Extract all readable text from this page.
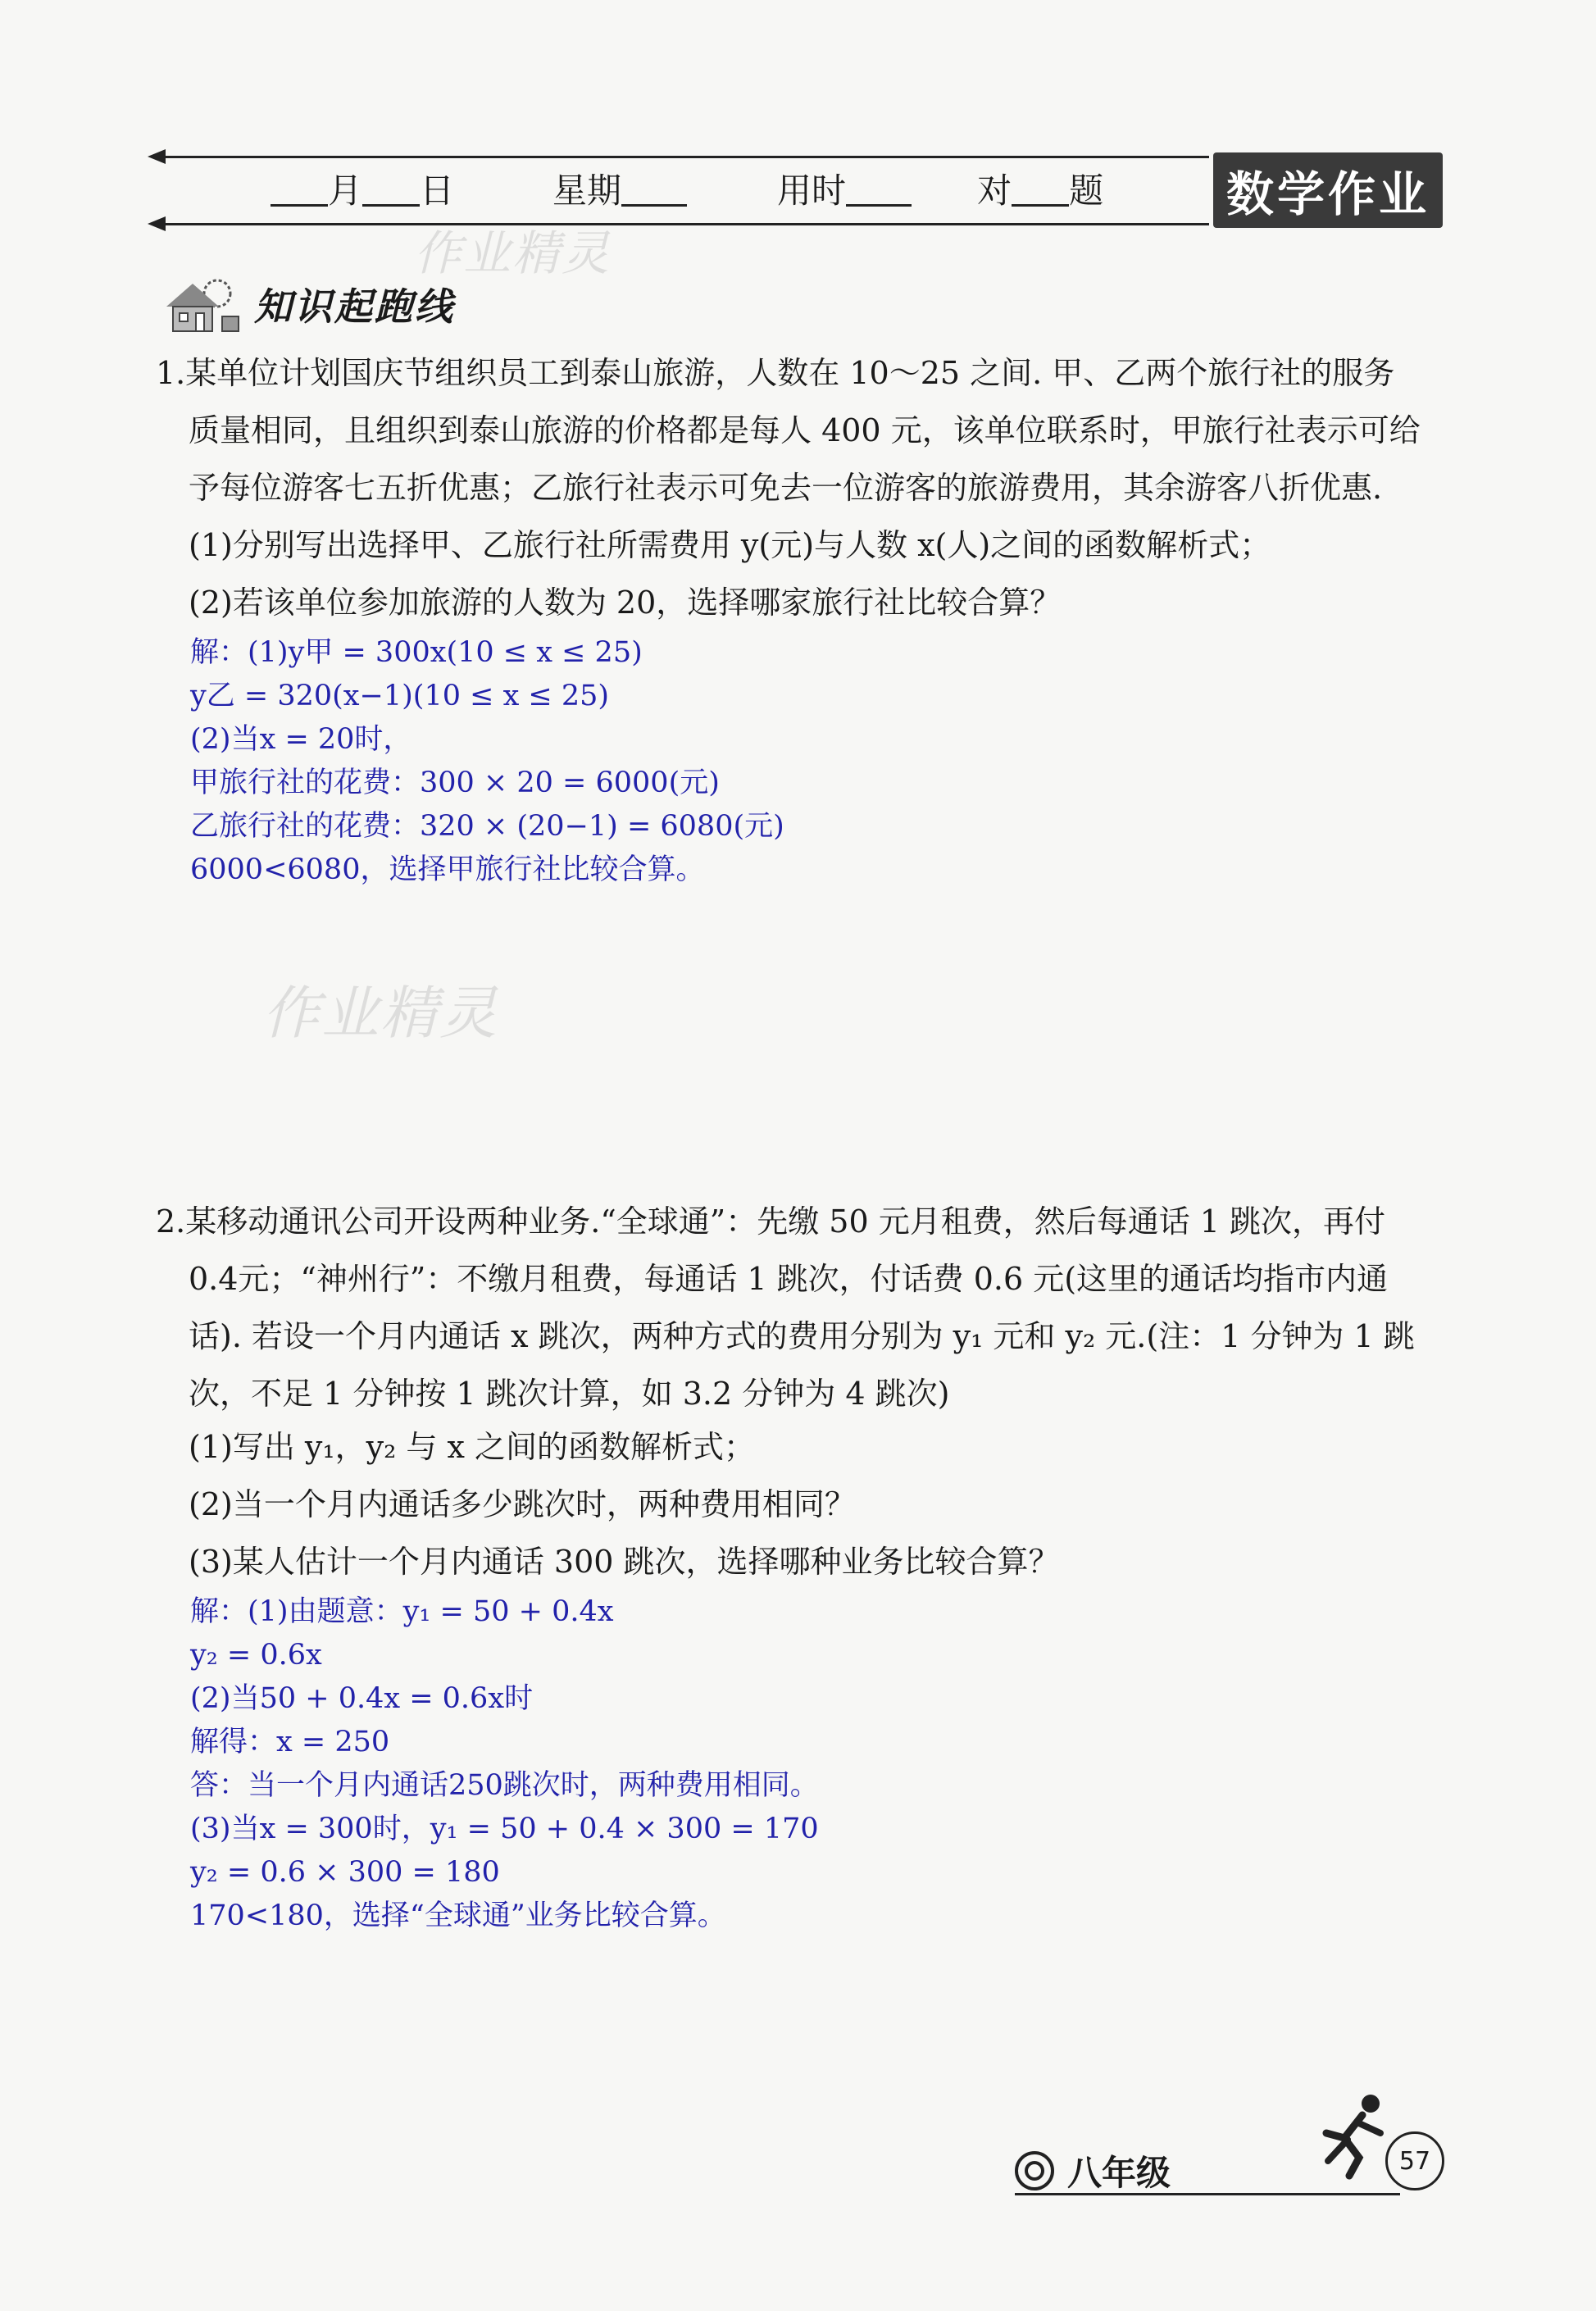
月 日	星期	用时	对 题	数学作业
作业精灵
知识起跑线
1.某单位计划国庆节组织员工到泰山旅游，人数在 10～25 之间. 甲、乙两个旅行社的服务
质量相同，且组织到泰山旅游的价格都是每人 400 元，该单位联系时，甲旅行社表示可给
予每位游客七五折优惠；乙旅行社表示可免去一位游客的旅游费用，其余游客八折优惠.
(1)分别写出选择甲、乙旅行社所需费用 y(元)与人数 x(人)之间的函数解析式；
(2)若该单位参加旅游的人数为 20，选择哪家旅行社比较合算？
解：(1)y甲 = 300x(10 ≤ x ≤ 25)
y乙 = 320(x−1)(10 ≤ x ≤ 25)
(2)当x = 20时，
甲旅行社的花费：300 × 20 = 6000(元)
乙旅行社的花费：320 × (20−1) = 6080(元)
6000<6080，选择甲旅行社比较合算。
作业精灵
2.某移动通讯公司开设两种业务.“全球通”：先缴 50 元月租费，然后每通话 1 跳次，再付
0.4元；“神州行”：不缴月租费，每通话 1 跳次，付话费 0.6 元(这里的通话均指市内通
话). 若设一个月内通话 x 跳次，两种方式的费用分别为 y₁ 元和 y₂ 元.(注：1 分钟为 1 跳
次，不足 1 分钟按 1 跳次计算，如 3.2 分钟为 4 跳次)
(1)写出 y₁，y₂ 与 x 之间的函数解析式；
(2)当一个月内通话多少跳次时，两种费用相同？
(3)某人估计一个月内通话 300 跳次，选择哪种业务比较合算？
解：(1)由题意：y₁ = 50 + 0.4x
y₂ = 0.6x
(2)当50 + 0.4x = 0.6x时
解得：x = 250
答：当一个月内通话250跳次时，两种费用相同。
(3)当x = 300时，y₁ = 50 + 0.4 × 300 = 170
y₂ = 0.6 × 300 = 180
170<180，选择“全球通”业务比较合算。
八年级	57
